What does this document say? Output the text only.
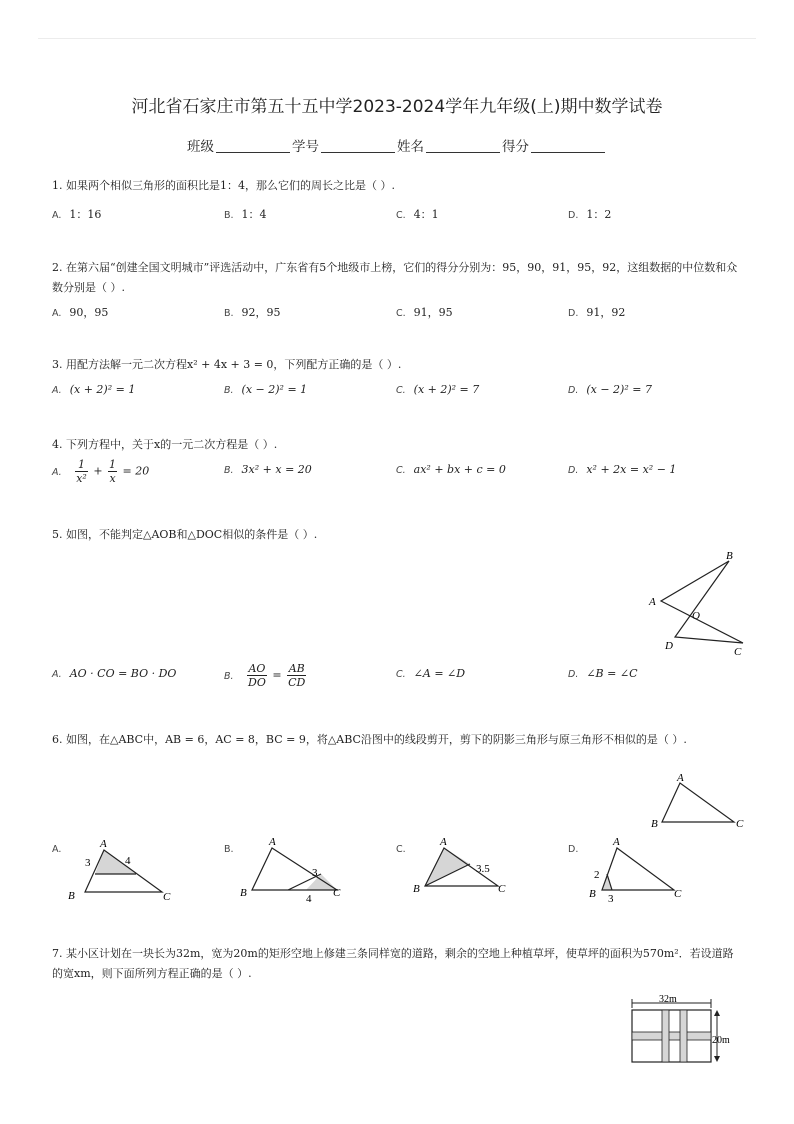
河北省石家庄市第五十五中学2023-2024学年九年级(上)期中数学试卷
班级	学号	姓名	得分
1. 如果两个相似三角形的面积比是1：4，那么它们的周长之比是（ ）.
A. 1：16	B. 1：4	C. 4：1	D. 1：2
2. 在第六届“创建全国文明城市”评选活动中，广东省有5个地级市上榜，它们的得分分别为：95，90，91，95，92，这组数据的中位数和众数分别是（ ）.
A. 90，95	B. 92，95	C. 91，95	D. 91，92
3. 用配方法解一元二次方程x² + 4x + 3 = 0，下列配方正确的是（ ）.
A. (x + 2)² = 1	B. (x − 2)² = 1	C. (x + 2)² = 7	D. (x − 2)² = 7
4. 下列方程中，关于x的一元二次方程是（ ）.
A. $\frac{1}{\text{x²}} + \frac{1}{x} = 20$	B. 3x² + x = 20	C. ax² + bx + c = 0	D. x² + 2x = x² − 1
5. 如图，不能判定△AOB和△DOC相似的条件是（ ）.
B
A
O
D	C
A. AO · CO = BO · DO	B. $\frac{AO}{DO} = \frac{AB}{CD}$	C. ∠A = ∠D	D. ∠B = ∠C
6. 如图，在△ABC中，AB = 6，AC = 8，BC = 9，将△ABC沿图中的线段剪开，剪下的阴影三角形与原三角形不相似的是（ ）.
A
B	C
A.	A
B	C
3	4
B.
A
B	C
3
4
C.
A
B	C
3.5
D.
A
B	C
2
3
7. 某小区计划在一块长为32m，宽为20m的矩形空地上修建三条同样宽的道路，剩余的空地上种植草坪，使草坪的面积为570m²．若设道路的宽xm，则下面所列方程正确的是（ ）.
32m
20m
